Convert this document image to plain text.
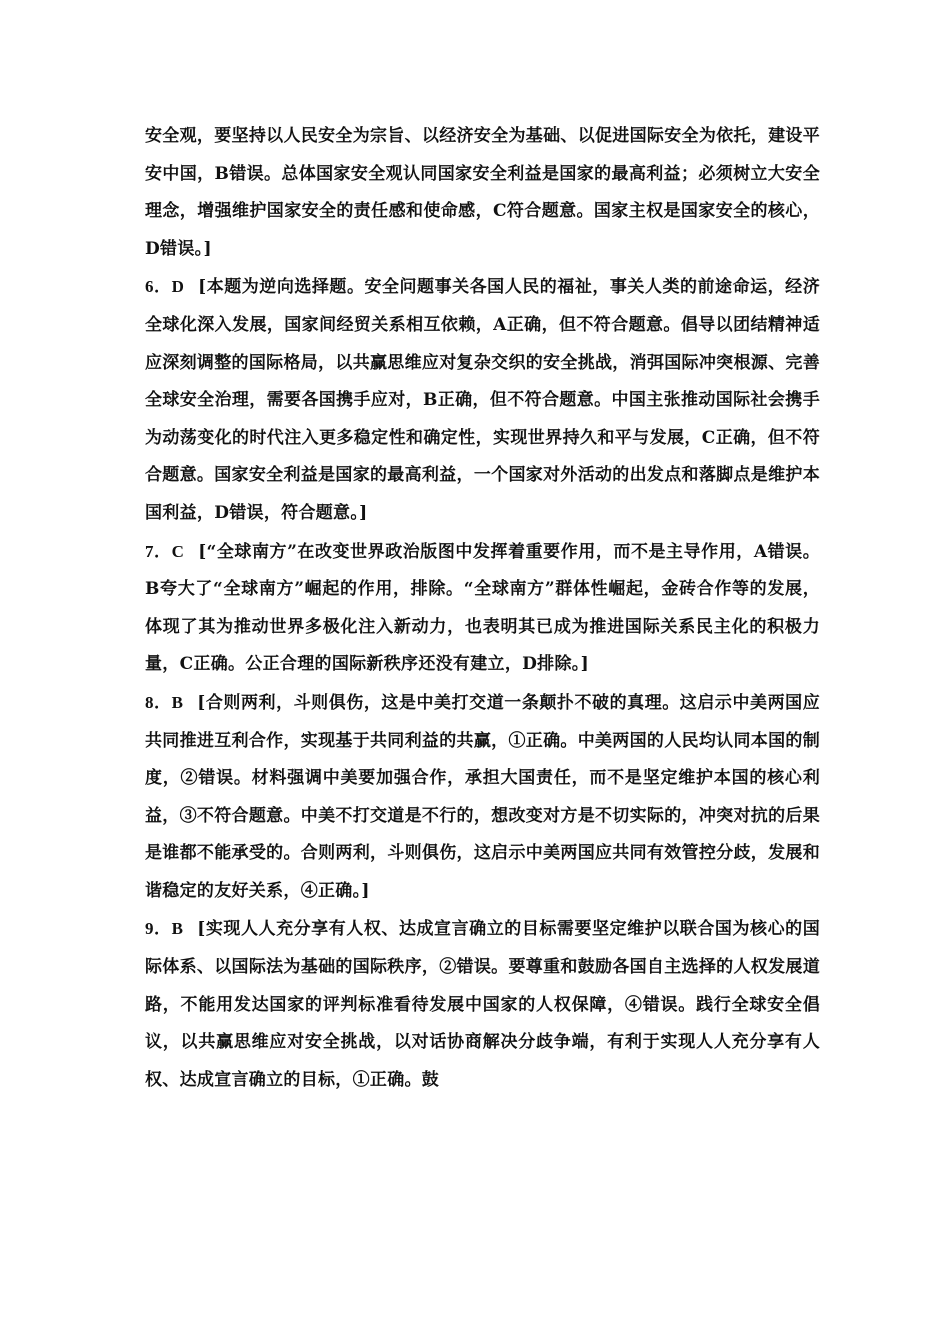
安全观，要坚持以人民安全为宗旨、以经济安全为基础、以促进国际安全为依托，建设平安中国，B错误。总体国家安全观认同国家安全利益是国家的最高利益；必须树立大安全理念，增强维护国家安全的责任感和使命感，C符合题意。国家主权是国家安全的核心，D错误。]

6．D [本题为逆向选择题。安全问题事关各国人民的福祉，事关人类的前途命运，经济全球化深入发展，国家间经贸关系相互依赖，A正确，但不符合题意。倡导以团结精神适应深刻调整的国际格局，以共赢思维应对复杂交织的安全挑战，消弭国际冲突根源、完善全球安全治理，需要各国携手应对，B正确，但不符合题意。中国主张推动国际社会携手为动荡变化的时代注入更多稳定性和确定性，实现世界持久和平与发展，C正确，但不符合题意。国家安全利益是国家的最高利益，一个国家对外活动的出发点和落脚点是维护本国利益，D错误，符合题意。]

7．C [“全球南方”在改变世界政治版图中发挥着重要作用，而不是主导作用，A错误。B夸大了“全球南方”崛起的作用，排除。“全球南方”群体性崛起，金砖合作等的发展，体现了其为推动世界多极化注入新动力，也表明其已成为推进国际关系民主化的积极力量，C正确。公正合理的国际新秩序还没有建立，D排除。]

8．B [合则两利，斗则俱伤，这是中美打交道一条颠扑不破的真理。这启示中美两国应共同推进互利合作，实现基于共同利益的共赢，①正确。中美两国的人民均认同本国的制度，②错误。材料强调中美要加强合作，承担大国责任，而不是坚定维护本国的核心利益，③不符合题意。中美不打交道是不行的，想改变对方是不切实际的，冲突对抗的后果是谁都不能承受的。合则两利，斗则俱伤，这启示中美两国应共同有效管控分歧，发展和谐稳定的友好关系，④正确。]

9．B [实现人人充分享有人权、达成宣言确立的目标需要坚定维护以联合国为核心的国际体系、以国际法为基础的国际秩序，②错误。要尊重和鼓励各国自主选择的人权发展道路，不能用发达国家的评判标准看待发展中国家的人权保障，④错误。践行全球安全倡议，以共赢思维应对安全挑战，以对话协商解决分歧争端，有利于实现人人充分享有人权、达成宣言确立的目标，①正确。鼓
